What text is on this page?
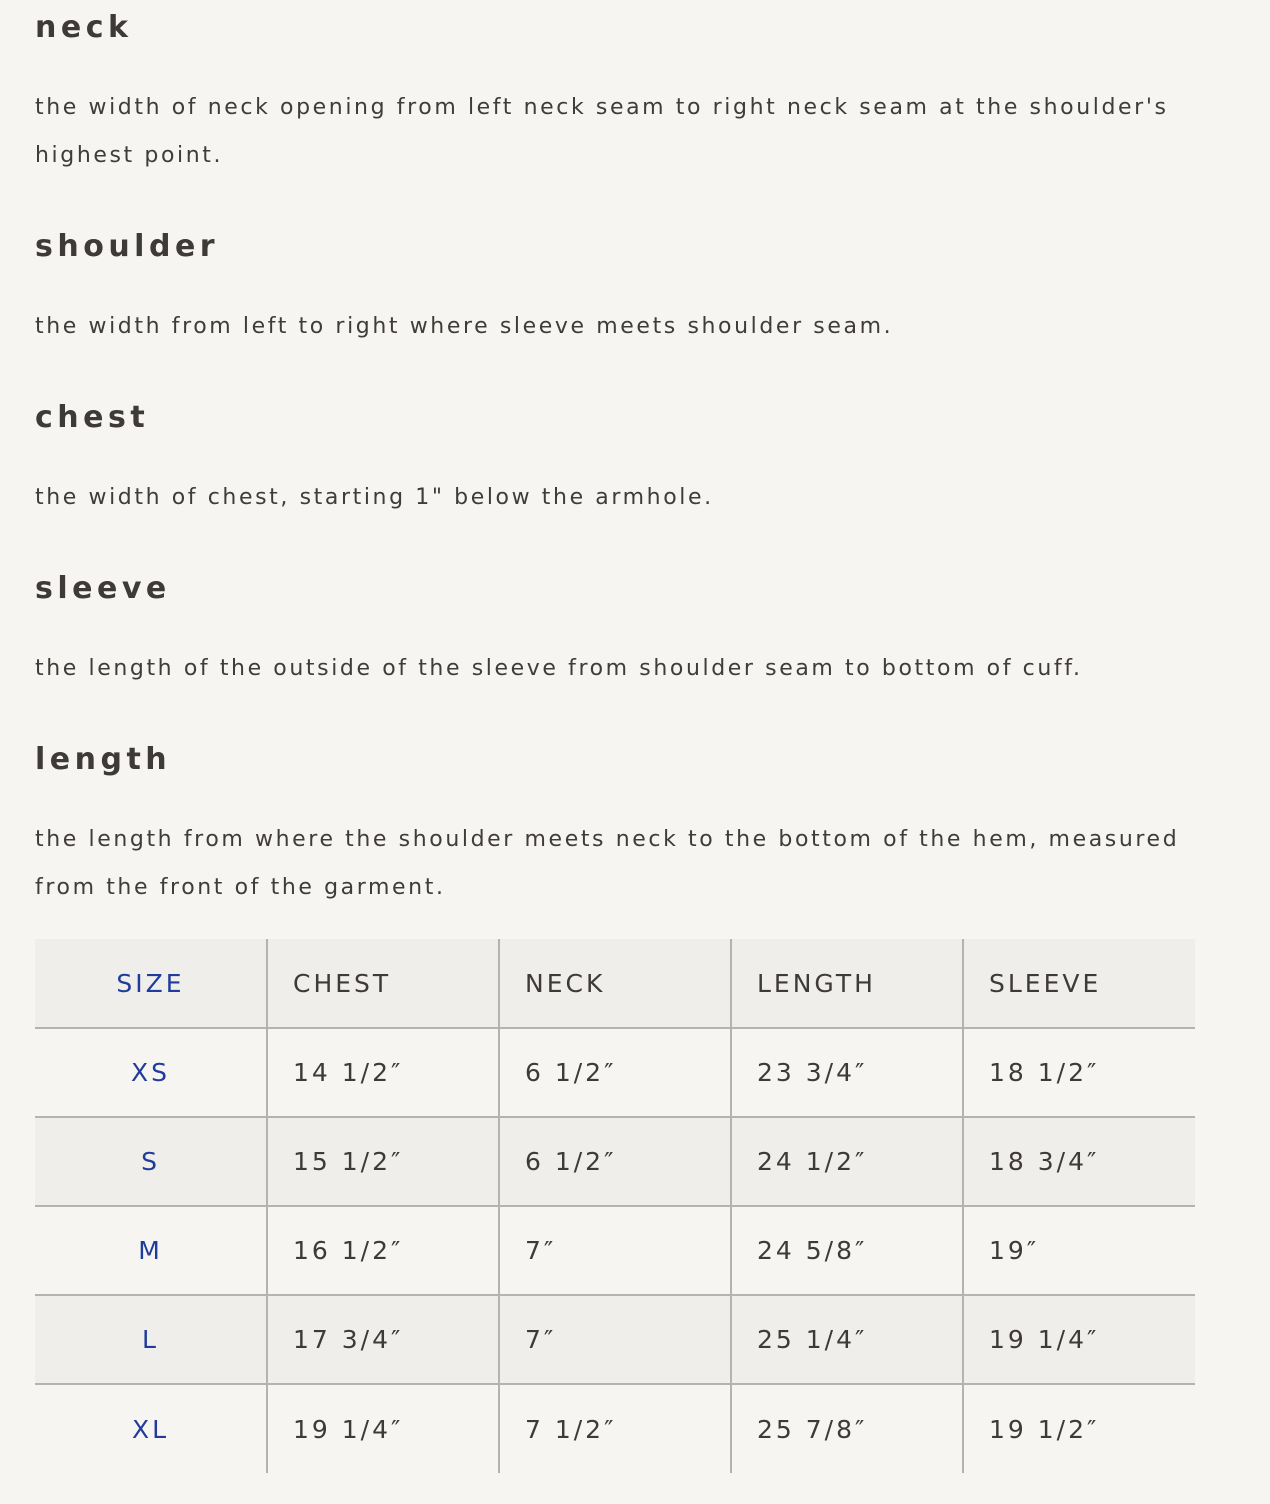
neck

the width of neck opening from left neck seam to right neck seam at the shoulder's highest point.

shoulder

the width from left to right where sleeve meets shoulder seam.

chest

the width of chest, starting 1" below the armhole.

sleeve

the length of the outside of the sleeve from shoulder seam to bottom of cuff.

length

the length from where the shoulder meets neck to the bottom of the hem, measured from the front of the garment.

SIZE	CHEST	NECK	LENGTH	SLEEVE
XS	14 1/2″	6 1/2″	23 3/4″	18 1/2″
S	15 1/2″	6 1/2″	24 1/2″	18 3/4″
M	16 1/2″	7″	24 5/8″	19″
L	17 3/4″	7″	25 1/4″	19 1/4″
XL	19 1/4″	7 1/2″	25 7/8″	19 1/2″
